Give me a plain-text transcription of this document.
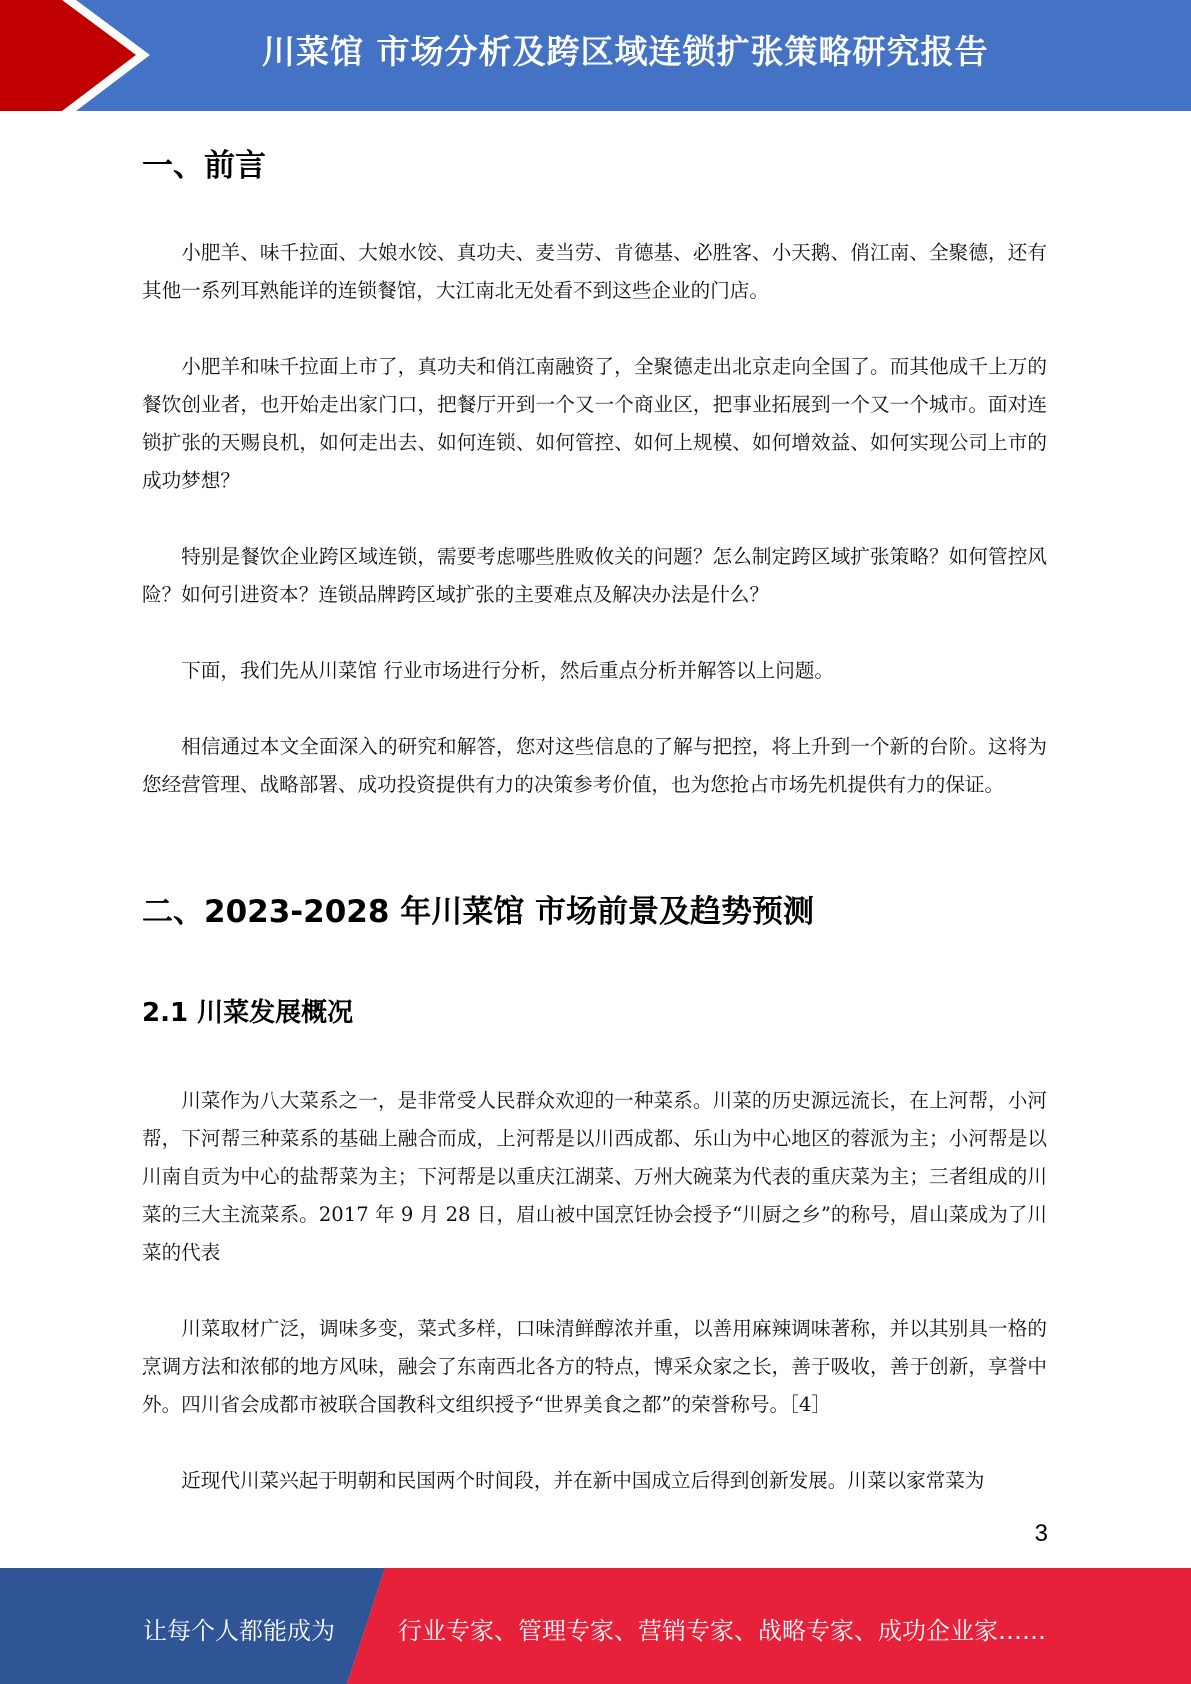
川菜馆 市场分析及跨区域连锁扩张策略研究报告
一、前言

小肥羊、味千拉面、大娘水饺、真功夫、麦当劳、肯德基、必胜客、小天鹅、俏江南、全聚德，还有其他一系列耳熟能详的连锁餐馆，大江南北无处看不到这些企业的门店。

小肥羊和味千拉面上市了，真功夫和俏江南融资了，全聚德走出北京走向全国了。而其他成千上万的餐饮创业者，也开始走出家门口，把餐厅开到一个又一个商业区，把事业拓展到一个又一个城市。面对连锁扩张的天赐良机，如何走出去、如何连锁、如何管控、如何上规模、如何增效益、如何实现公司上市的成功梦想？

特别是餐饮企业跨区域连锁，需要考虑哪些胜败攸关的问题？怎么制定跨区域扩张策略？如何管控风险？如何引进资本？连锁品牌跨区域扩张的主要难点及解决办法是什么？

下面，我们先从川菜馆 行业市场进行分析，然后重点分析并解答以上问题。

相信通过本文全面深入的研究和解答，您对这些信息的了解与把控，将上升到一个新的台阶。这将为您经营管理、战略部署、成功投资提供有力的决策参考价值，也为您抢占市场先机提供有力的保证。

二、2023-2028 年川菜馆 市场前景及趋势预测
2.1 川菜发展概况

川菜作为八大菜系之一，是非常受人民群众欢迎的一种菜系。川菜的历史源远流长，在上河帮，小河帮，下河帮三种菜系的基础上融合而成，上河帮是以川西成都、乐山为中心地区的蓉派为主；小河帮是以川南自贡为中心的盐帮菜为主；下河帮是以重庆江湖菜、万州大碗菜为代表的重庆菜为主；三者组成的川菜的三大主流菜系。2017 年 9 月 28 日，眉山被中国烹饪协会授予“川厨之乡”的称号，眉山菜成为了川菜的代表

川菜取材广泛，调味多变，菜式多样，口味清鲜醇浓并重，以善用麻辣调味著称，并以其别具一格的烹调方法和浓郁的地方风味，融会了东南西北各方的特点，博采众家之长，善于吸收，善于创新，享誉中外。四川省会成都市被联合国教科文组织授予“世界美食之都”的荣誉称号。［4］

近现代川菜兴起于明朝和民国两个时间段，并在新中国成立后得到创新发展。川菜以家常菜为

3
让每个人都能成为	行业专家、管理专家、营销专家、战略专家、成功企业家……
